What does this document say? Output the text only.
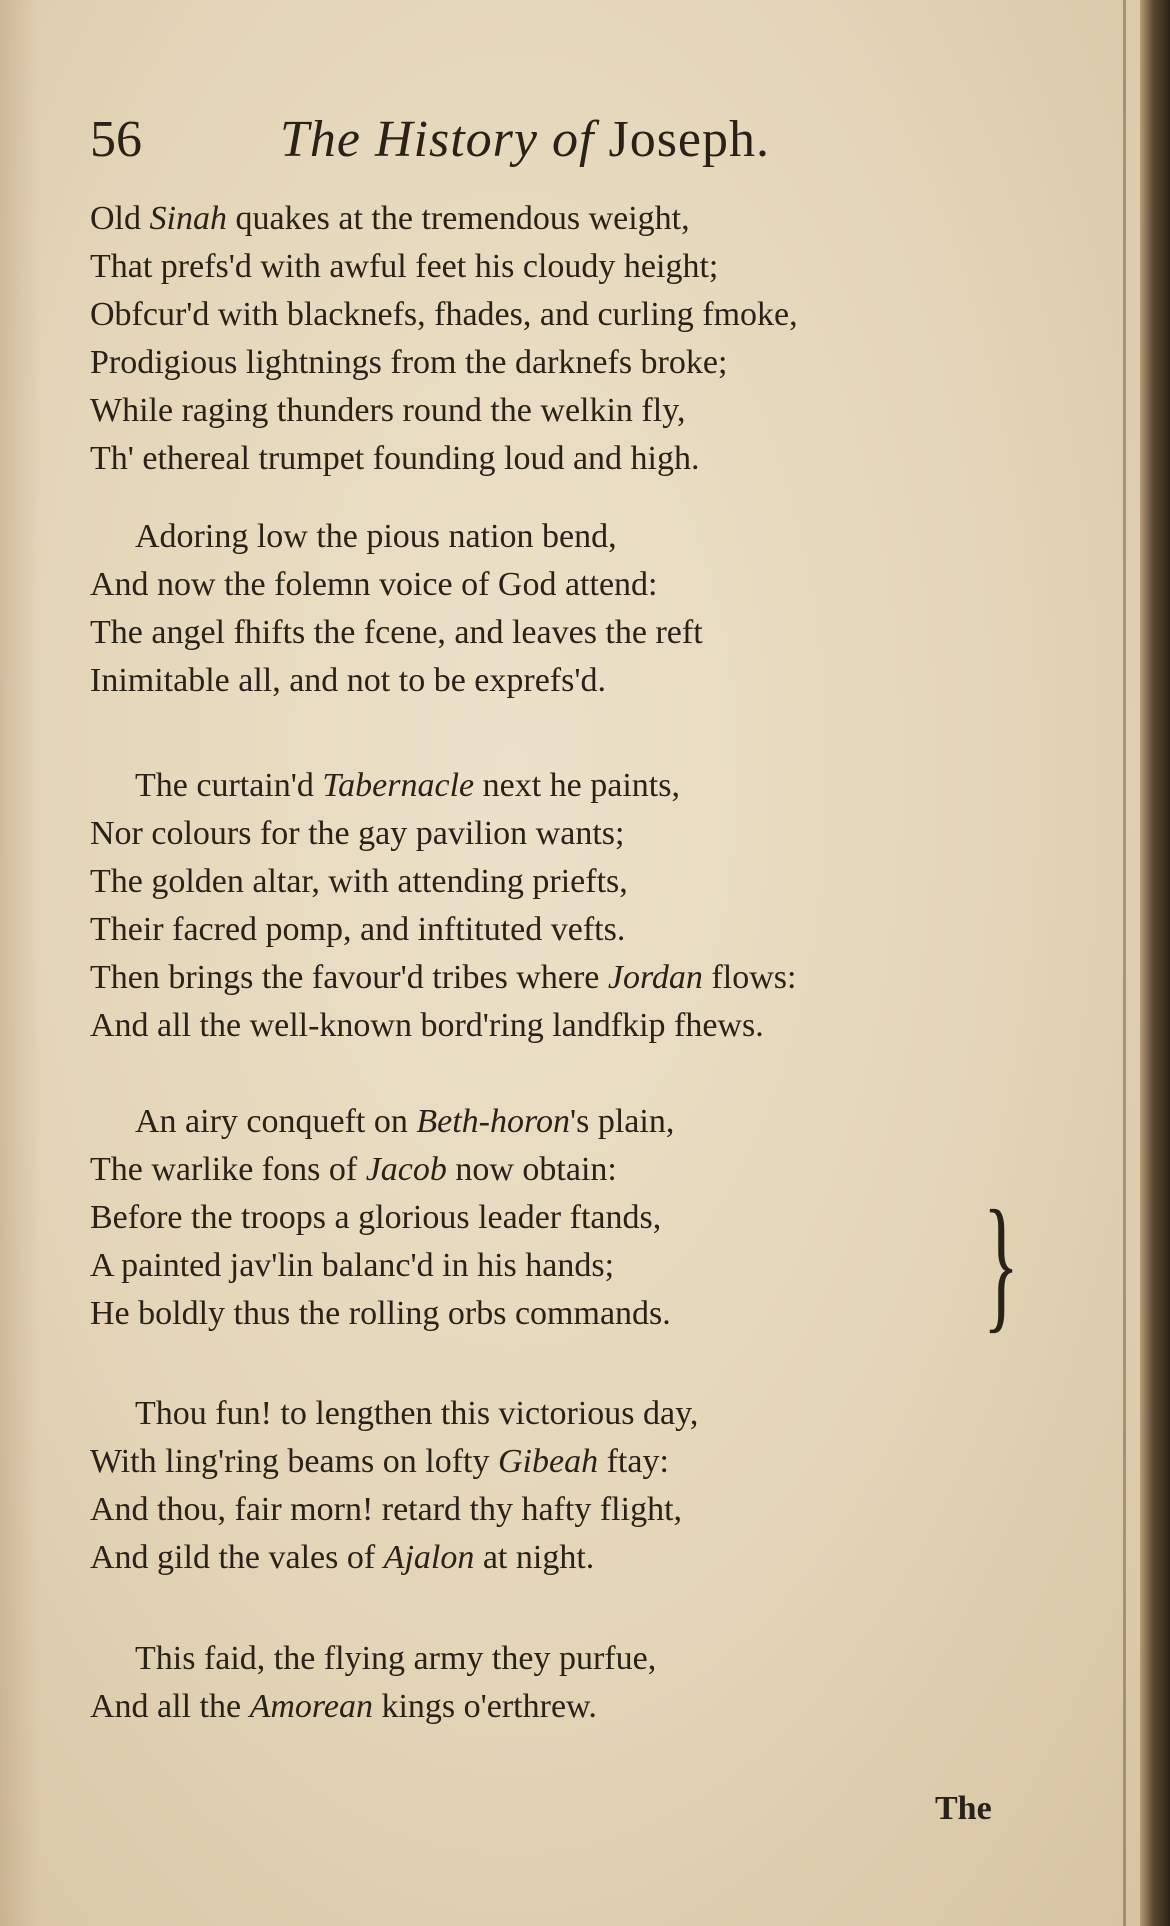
56	The History of Joseph.
Old Sinah quakes at the tremendous weight,
That prefs'd with awful feet his cloudy height;
Obfcur'd with blacknefs, fhades, and curling fmoke,
Prodigious lightnings from the darknefs broke;
While raging thunders round the welkin fly,
Th' ethereal trumpet founding loud and high.
Adoring low the pious nation bend,
And now the folemn voice of God attend:
The angel fhifts the fcene, and leaves the reft
Inimitable all, and not to be exprefs'd.
The curtain'd Tabernacle next he paints,
Nor colours for the gay pavilion wants;
The golden altar, with attending priefts,
Their facred pomp, and inftituted vefts.
Then brings the favour'd tribes where Jordan flows:
And all the well-known bord'ring landfkip fhews.
An airy conqueft on Beth-horon's plain,
The warlike fons of Jacob now obtain:
Before the troops a glorious leader ftands,
A painted jav'lin balanc'd in his hands;
He boldly thus the rolling orbs commands. }
Thou fun! to lengthen this victorious day,
With ling'ring beams on lofty Gibeah ftay:
And thou, fair morn! retard thy hafty flight,
And gild the vales of Ajalon at night.
This faid, the flying army they purfue,
And all the Amorean kings o'erthrew.
The
